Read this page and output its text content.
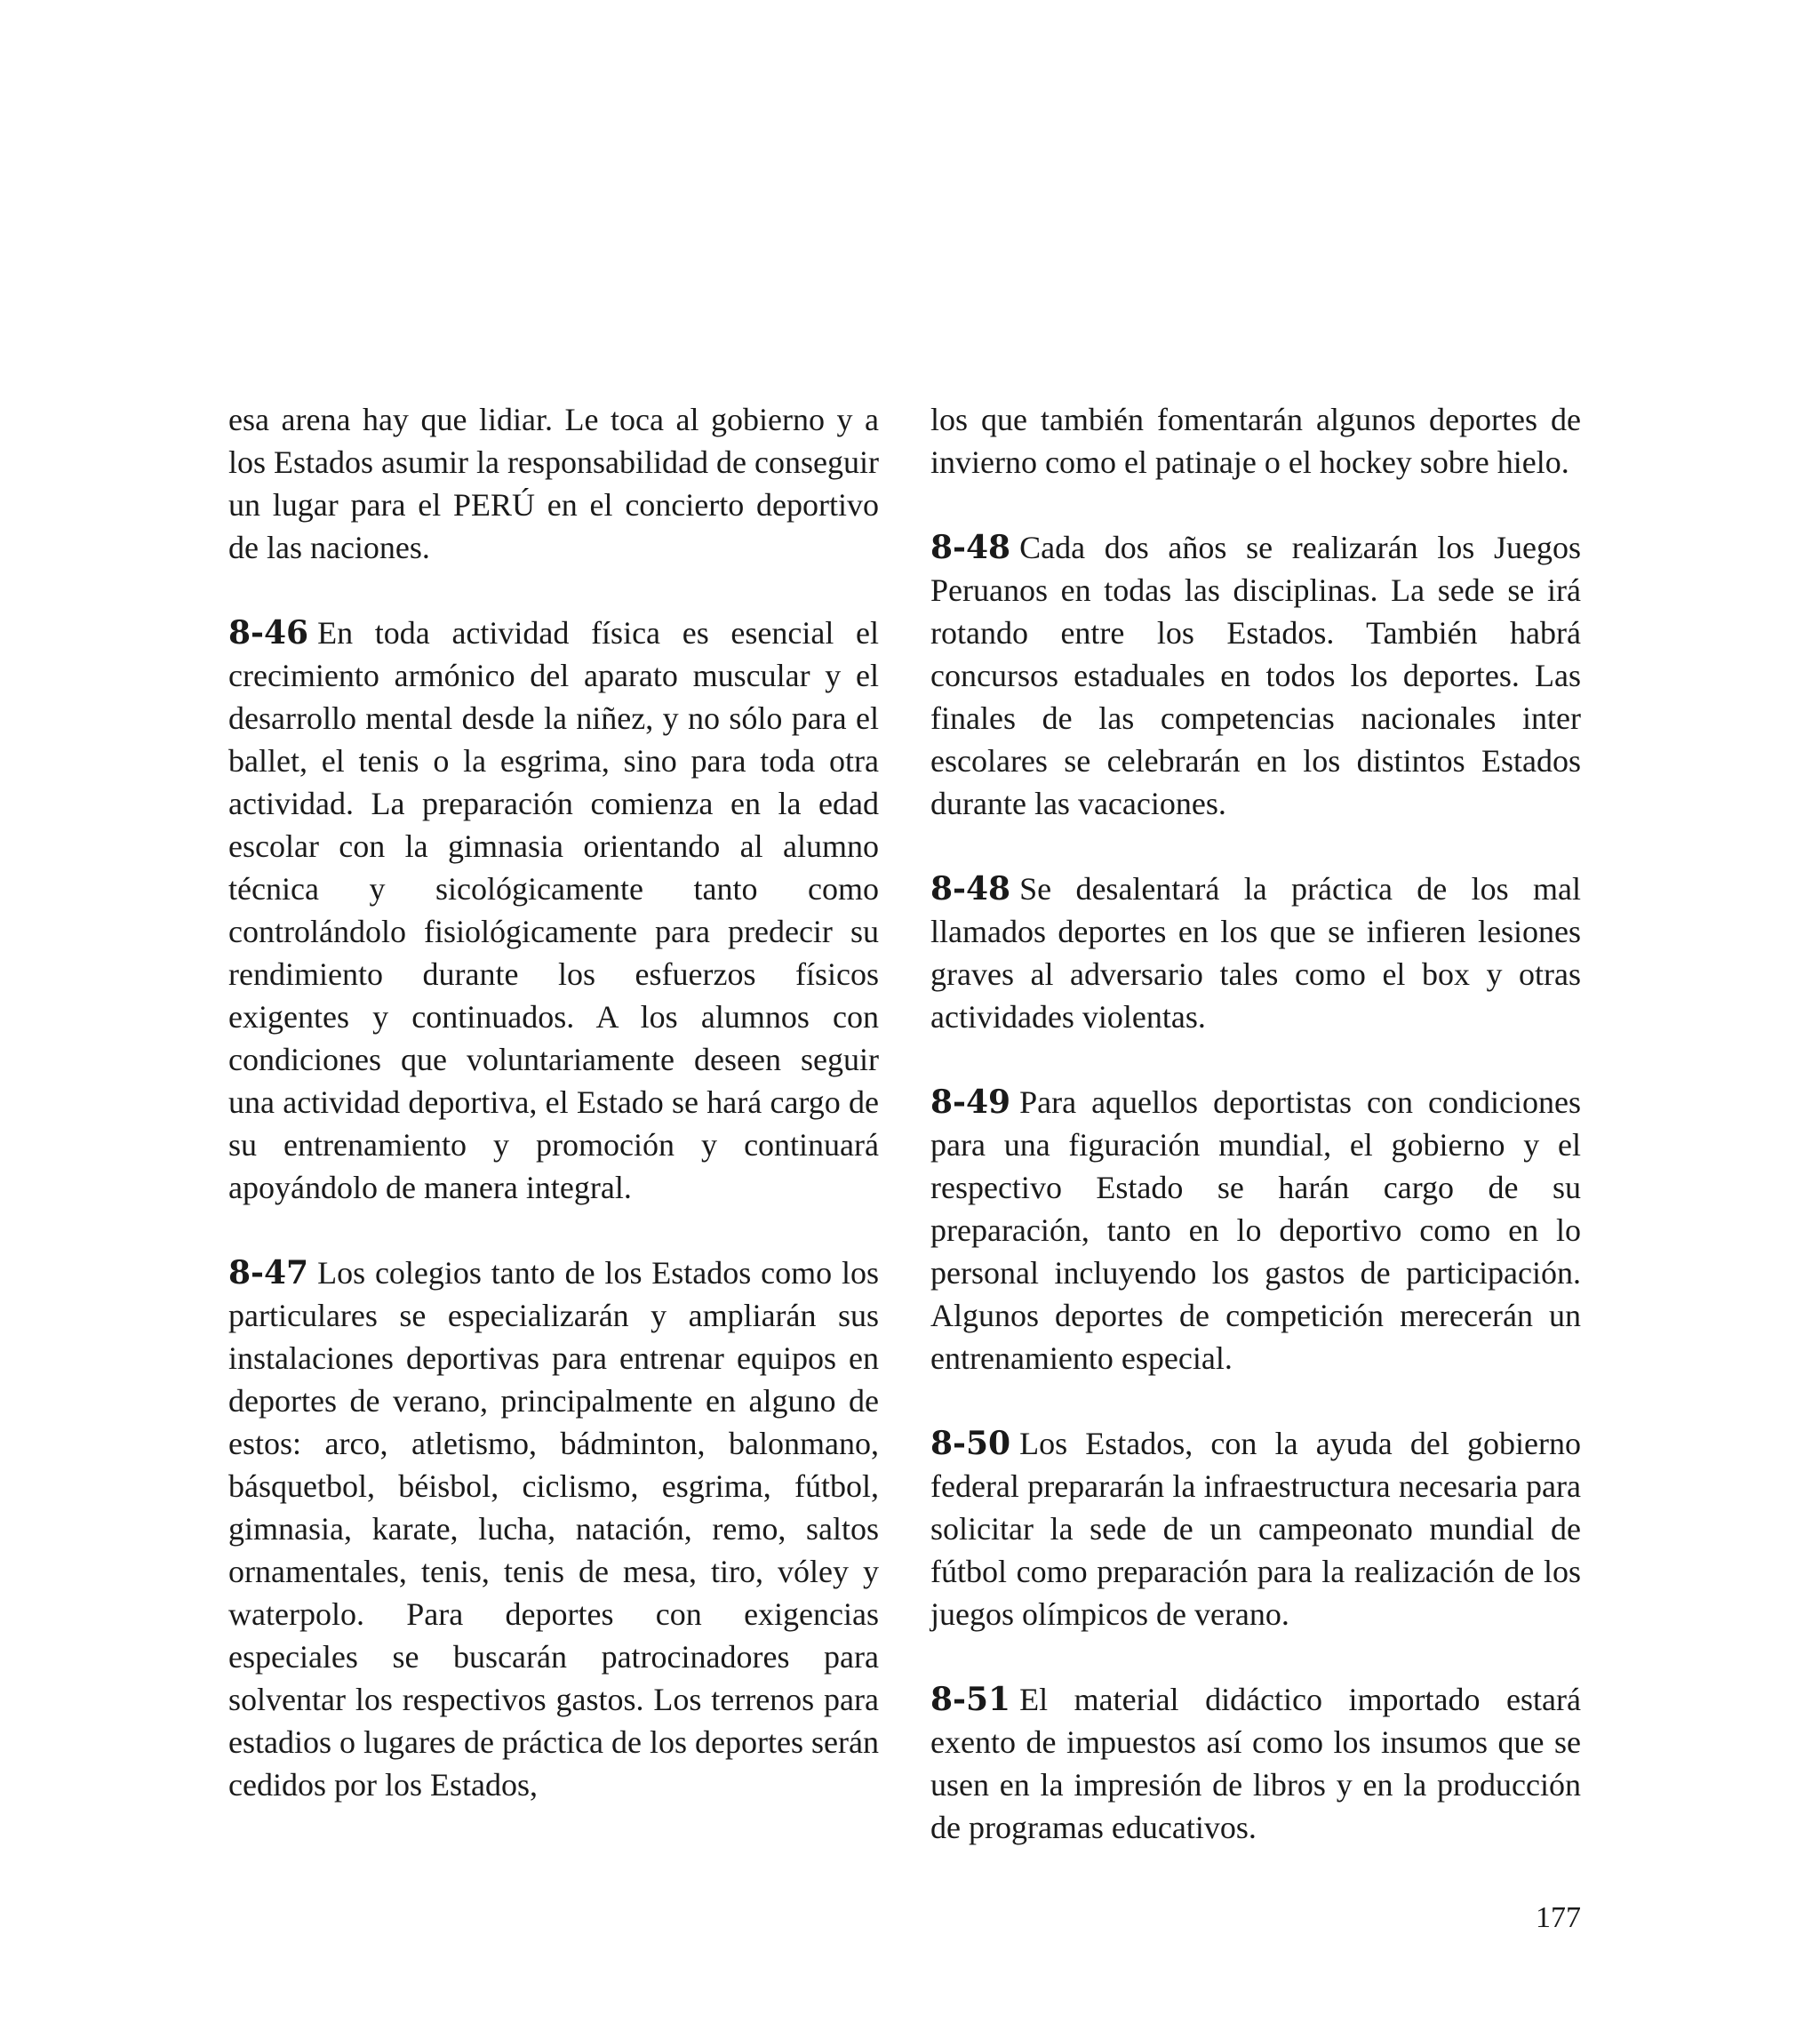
esa arena hay que lidiar. Le toca al gobierno y a los Estados asumir la responsabilidad de conseguir un lugar para el PERÚ en el concierto deportivo de las naciones.

8-46 En toda actividad física es esencial el crecimiento armónico del aparato muscular y el desarrollo mental desde la niñez, y no sólo para el ballet, el tenis o la esgrima, sino para toda otra actividad. La preparación comienza en la edad escolar con la gimnasia orientando al alumno técnica y sicológicamente tanto como controlándolo fisiológicamente para predecir su rendimiento durante los esfuerzos físicos exigentes y continuados. A los alumnos con condiciones que voluntariamente deseen seguir una actividad deportiva, el Estado se hará cargo de su entrenamiento y promoción y continuará apoyándolo de manera integral.

8-47 Los colegios tanto de los Estados como los particulares se especializarán y ampliarán sus instalaciones deportivas para entrenar equipos en deportes de verano, principalmente en alguno de estos: arco, atletismo, bádminton, balonmano, básquetbol, béisbol, ciclismo, esgrima, fútbol, gimnasia, karate, lucha, natación, remo, saltos ornamentales, tenis, tenis de mesa, tiro, vóley y waterpolo. Para deportes con exigencias especiales se buscarán patrocinadores para solventar los respectivos gastos. Los terrenos para estadios o lugares de práctica de los deportes serán cedidos por los Estados,

los que también fomentarán algunos deportes de invierno como el patinaje o el hockey sobre hielo.

8-48 Cada dos años se realizarán los Juegos Peruanos en todas las disciplinas. La sede se irá rotando entre los Estados. También habrá concursos estaduales en todos los deportes. Las finales de las competencias nacionales inter escolares se celebrarán en los distintos Estados durante las vacaciones.

8-48 Se desalentará la práctica de los mal llamados deportes en los que se infieren lesiones graves al adversario tales como el box y otras actividades violentas.

8-49 Para aquellos deportistas con condiciones para una figuración mundial, el gobierno y el respectivo Estado se harán cargo de su preparación, tanto en lo deportivo como en lo personal incluyendo los gastos de participación. Algunos deportes de competición merecerán un entrenamiento especial.

8-50 Los Estados, con la ayuda del gobierno federal prepararán la infraestructura necesaria para solicitar la sede de un campeonato mundial de fútbol como preparación para la realización de los juegos olímpicos de verano.

8-51 El material didáctico importado estará exento de impuestos así como los insumos que se usen en la impresión de libros y en la producción de programas educativos.

177
